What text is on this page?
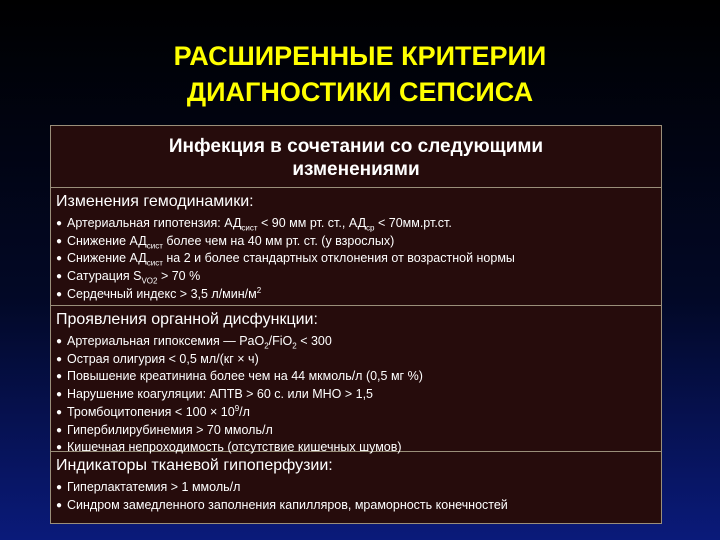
РАСШИРЕННЫЕ КРИТЕРИИ
ДИАГНОСТИКИ СЕПСИСА
Инфекция в сочетании со следующими
изменениями
Изменения гемодинамики:
● Артериальная гипотензия: $АД_{сист} < 90$ мм рт. ст., $АД_{ср} < 70мм.рт.ст$.
● Снижение $АД_{сист}$ более чем на 40 мм рт. ст. (у взрослых)
● Снижение $АД_{сист}$ на 2 и более стандартных отклонения от возрастной нормы
● Сатурация $S_{VO2} > 70$ %
● Сердечный индекс > 3,5 $л/мин/м^2$
Проявления органной дисфункции:
● Артериальная гипоксемия — PaO$_2$/FiO$_2$ < 300
● Острая олигурия < 0,5 мл/(кг × ч)
● Повышение креатинина более чем на 44 мкмоль/л (0,5 мг %)
● Нарушение коагуляции: АПТВ > 60 с. или МНО > 1,5
● Тромбоцитопения < $100 \times 10^9/л$
● Гипербилирубинемия > 70 ммоль/л
● Кишечная непроходимость (отсутствие кишечных шумов)
Индикаторы тканевой гипоперфузии:
● Гиперлактатемия > 1 ммоль/л
● Синдром замедленного заполнения капилляров, мраморность конечностей
